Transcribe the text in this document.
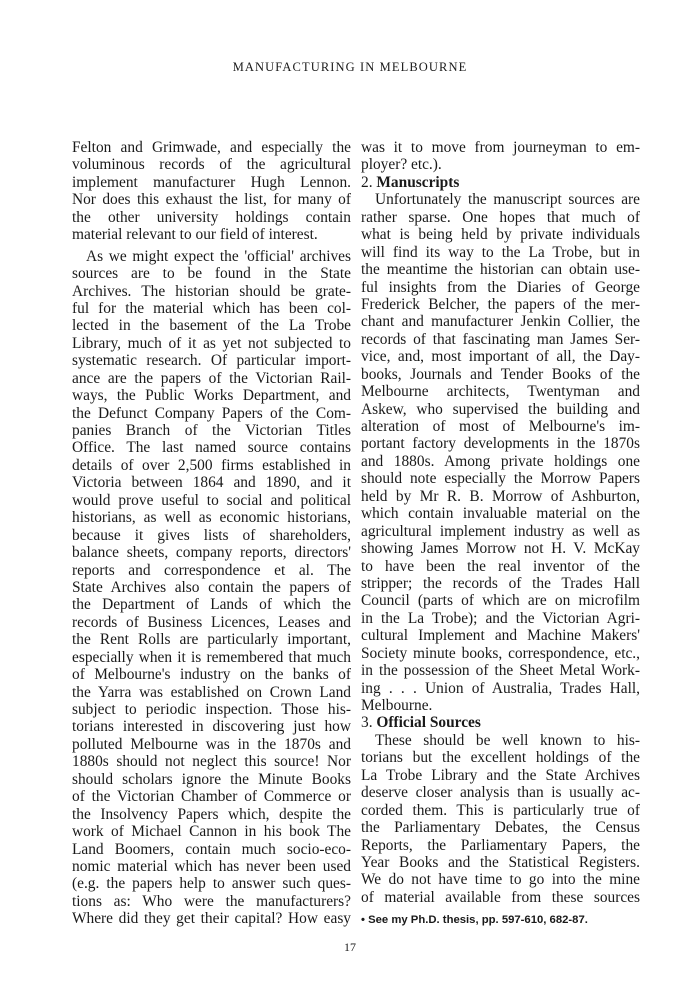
MANUFACTURING IN MELBOURNE
Felton and Grimwade, and especially the
voluminous records of the agricultural
implement manufacturer Hugh Lennon.
Nor does this exhaust the list, for many of
the other university holdings contain
material relevant to our field of interest.
As we might expect the 'official' archives
sources are to be found in the State
Archives. The historian should be grate-
ful for the material which has been col-
lected in the basement of the La Trobe
Library, much of it as yet not subjected to
systematic research. Of particular import-
ance are the papers of the Victorian Rail-
ways, the Public Works Department, and
the Defunct Company Papers of the Com-
panies Branch of the Victorian Titles
Office. The last named source contains
details of over 2,500 firms established in
Victoria between 1864 and 1890, and it
would prove useful to social and political
historians, as well as economic historians,
because it gives lists of shareholders,
balance sheets, company reports, directors'
reports and correspondence et al. The
State Archives also contain the papers of
the Department of Lands of which the
records of Business Licences, Leases and
the Rent Rolls are particularly important,
especially when it is remembered that much
of Melbourne's industry on the banks of
the Yarra was established on Crown Land
subject to periodic inspection. Those his-
torians interested in discovering just how
polluted Melbourne was in the 1870s and
1880s should not neglect this source! Nor
should scholars ignore the Minute Books
of the Victorian Chamber of Commerce or
the Insolvency Papers which, despite the
work of Michael Cannon in his book The
Land Boomers, contain much socio-eco-
nomic material which has never been used
(e.g. the papers help to answer such ques-
tions as: Who were the manufacturers?
Where did they get their capital? How easy
was it to move from journeyman to em-
ployer? etc.).
2. Manuscripts
Unfortunately the manuscript sources are
rather sparse. One hopes that much of
what is being held by private individuals
will find its way to the La Trobe, but in
the meantime the historian can obtain use-
ful insights from the Diaries of George
Frederick Belcher, the papers of the mer-
chant and manufacturer Jenkin Collier, the
records of that fascinating man James Ser-
vice, and, most important of all, the Day-
books, Journals and Tender Books of the
Melbourne architects, Twentyman and
Askew, who supervised the building and
alteration of most of Melbourne's im-
portant factory developments in the 1870s
and 1880s. Among private holdings one
should note especially the Morrow Papers
held by Mr R. B. Morrow of Ashburton,
which contain invaluable material on the
agricultural implement industry as well as
showing James Morrow not H. V. McKay
to have been the real inventor of the
stripper; the records of the Trades Hall
Council (parts of which are on microfilm
in the La Trobe); and the Victorian Agri-
cultural Implement and Machine Makers'
Society minute books, correspondence, etc.,
in the possession of the Sheet Metal Work-
ing . . . Union of Australia, Trades Hall,
Melbourne.
3. Official Sources
These should be well known to his-
torians but the excellent holdings of the
La Trobe Library and the State Archives
deserve closer analysis than is usually ac-
corded them. This is particularly true of
the Parliamentary Debates, the Census
Reports, the Parliamentary Papers, the
Year Books and the Statistical Registers.
We do not have time to go into the mine
of material available from these sources
• See my Ph.D. thesis, pp. 597-610, 682-87.
17
